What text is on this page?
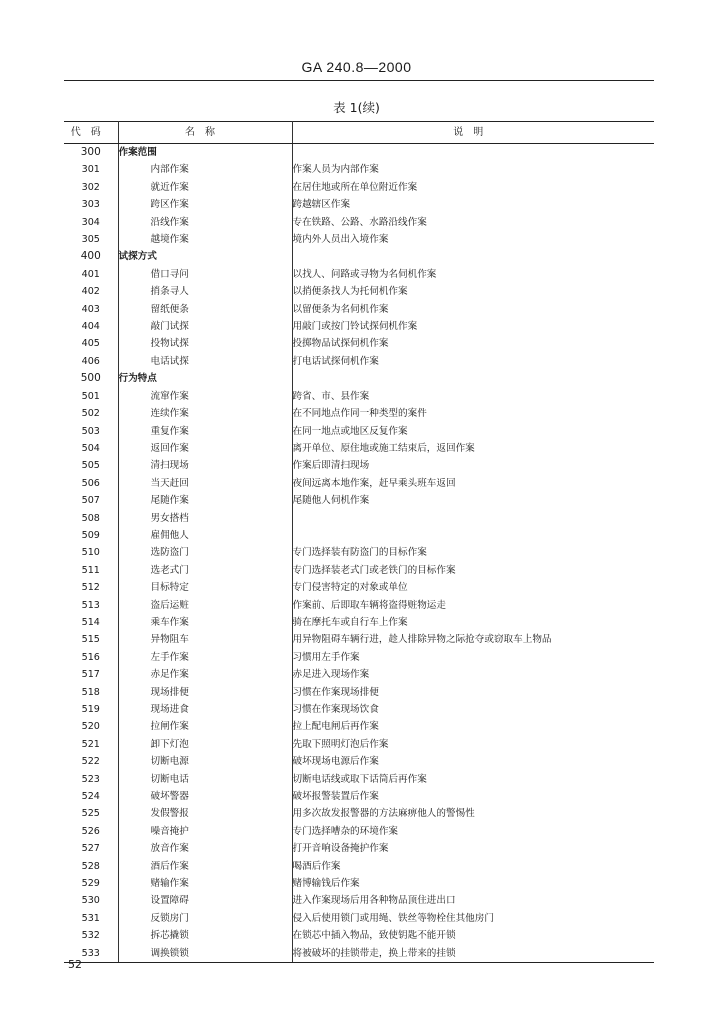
GA 240.8—2000
表 1(续)
代码	名称	说明
300	作案范围	
301	内部作案	作案人员为内部作案
302	就近作案	在居住地或所在单位附近作案
303	跨区作案	跨越辖区作案
304	沿线作案	专在铁路、公路、水路沿线作案
305	越境作案	境内外人员出入境作案
400	试探方式	
401	借口寻问	以找人、问路或寻物为名伺机作案
402	捎条寻人	以捎便条找人为托伺机作案
403	留纸便条	以留便条为名伺机作案
404	敲门试探	用敲门或按门铃试探伺机作案
405	投物试探	投掷物品试探伺机作案
406	电话试探	打电话试探伺机作案
500	行为特点	
501	流窜作案	跨省、市、县作案
502	连续作案	在不同地点作同一种类型的案件
503	重复作案	在同一地点或地区反复作案
504	返回作案	离开单位、原住地或施工结束后，返回作案
505	清扫现场	作案后即清扫现场
506	当天赶回	夜间远离本地作案，赶早乘头班车返回
507	尾随作案	尾随他人伺机作案
508	男女搭档	
509	雇佣他人	
510	选防盗门	专门选择装有防盗门的目标作案
511	选老式门	专门选择装老式门或老铁门的目标作案
512	目标特定	专门侵害特定的对象或单位
513	盗后运赃	作案前、后即取车辆将盗得赃物运走
514	乘车作案	骑在摩托车或自行车上作案
515	异物阻车	用异物阻碍车辆行进，趁人排除异物之际抢夺或窃取车上物品
516	左手作案	习惯用左手作案
517	赤足作案	赤足进入现场作案
518	现场排便	习惯在作案现场排便
519	现场进食	习惯在作案现场饮食
520	拉闸作案	拉上配电闸后再作案
521	卸下灯泡	先取下照明灯泡后作案
522	切断电源	破坏现场电源后作案
523	切断电话	切断电话线或取下话筒后再作案
524	破坏警器	破坏报警装置后作案
525	发假警报	用多次故发报警器的方法麻痹他人的警惕性
526	噪音掩护	专门选择嘈杂的环境作案
527	放音作案	打开音响设备掩护作案
528	酒后作案	喝酒后作案
529	赌输作案	赌博输钱后作案
530	设置障碍	进入作案现场后用各种物品顶住进出口
531	反锁房门	侵入后使用锁门或用绳、铁丝等物栓住其他房门
532	拆芯撬锁	在锁芯中插入物品，致使钥匙不能开锁
533	调换锁锁	将被破坏的挂锁带走，换上带来的挂锁
52
